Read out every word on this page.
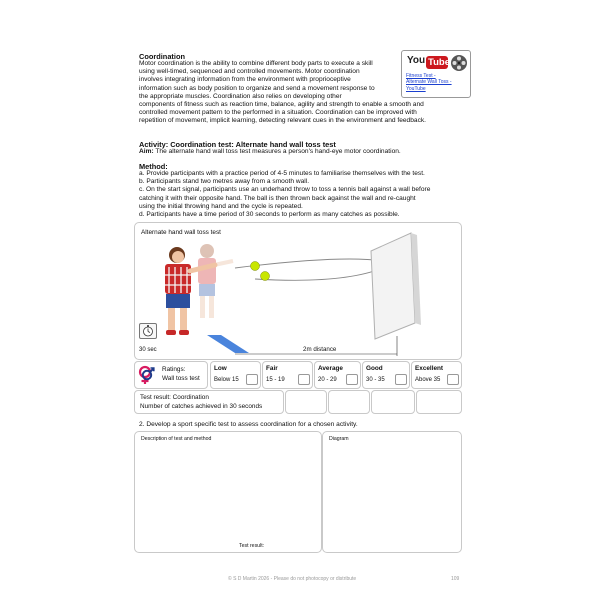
Coordination
Motor coordination is the ability to combine different body parts to execute a skill
using well-timed, sequenced and controlled movements. Motor coordination
involves integrating information from the environment with proprioceptive
information such as body position to organize and send a movement response to
the appropriate muscles. Coordination also relies on developing other
components of fitness such as reaction time, balance, agility and strength to enable a smooth and
controlled movement pattern to the performed in a situation. Coordination can be improved with
repetition of movement, implicit learning, detecting relevant cues in the environment and feedback.
You Tube
Fitness Test - Alternate Wall Toss - YouTube
Activity: Coordination test: Alternate hand wall toss test
Aim: The alternate hand wall toss test measures a person's hand-eye motor coordination.
Method:
a. Provide participants with a practice period of 4-5 minutes to familiarise themselves with the test.
b. Participants stand two metres away from a smooth wall.
c. On the start signal, participants use an underhand throw to toss a tennis ball against a wall before
catching it with their opposite hand. The ball is then thrown back against the wall and re-caught
using the initial throwing hand and the cycle is repeated.
d. Participants have a time period of 30 seconds to perform as many catches as possible.
Alternate hand wall toss test
30 sec	2m distance
Ratings:
Wall toss test
Low
Below 15
Fair
15 - 19
Average
20 - 29
Good
30 - 35
Excellent
Above 35
Test result: Coordination
Number of catches achieved in 30 seconds
2. Develop a sport specific test to assess coordination for a chosen activity.
Description of test and method
Test result:
Diagram
© S D Martin 2026 - Please do not photocopy or distribute	109
